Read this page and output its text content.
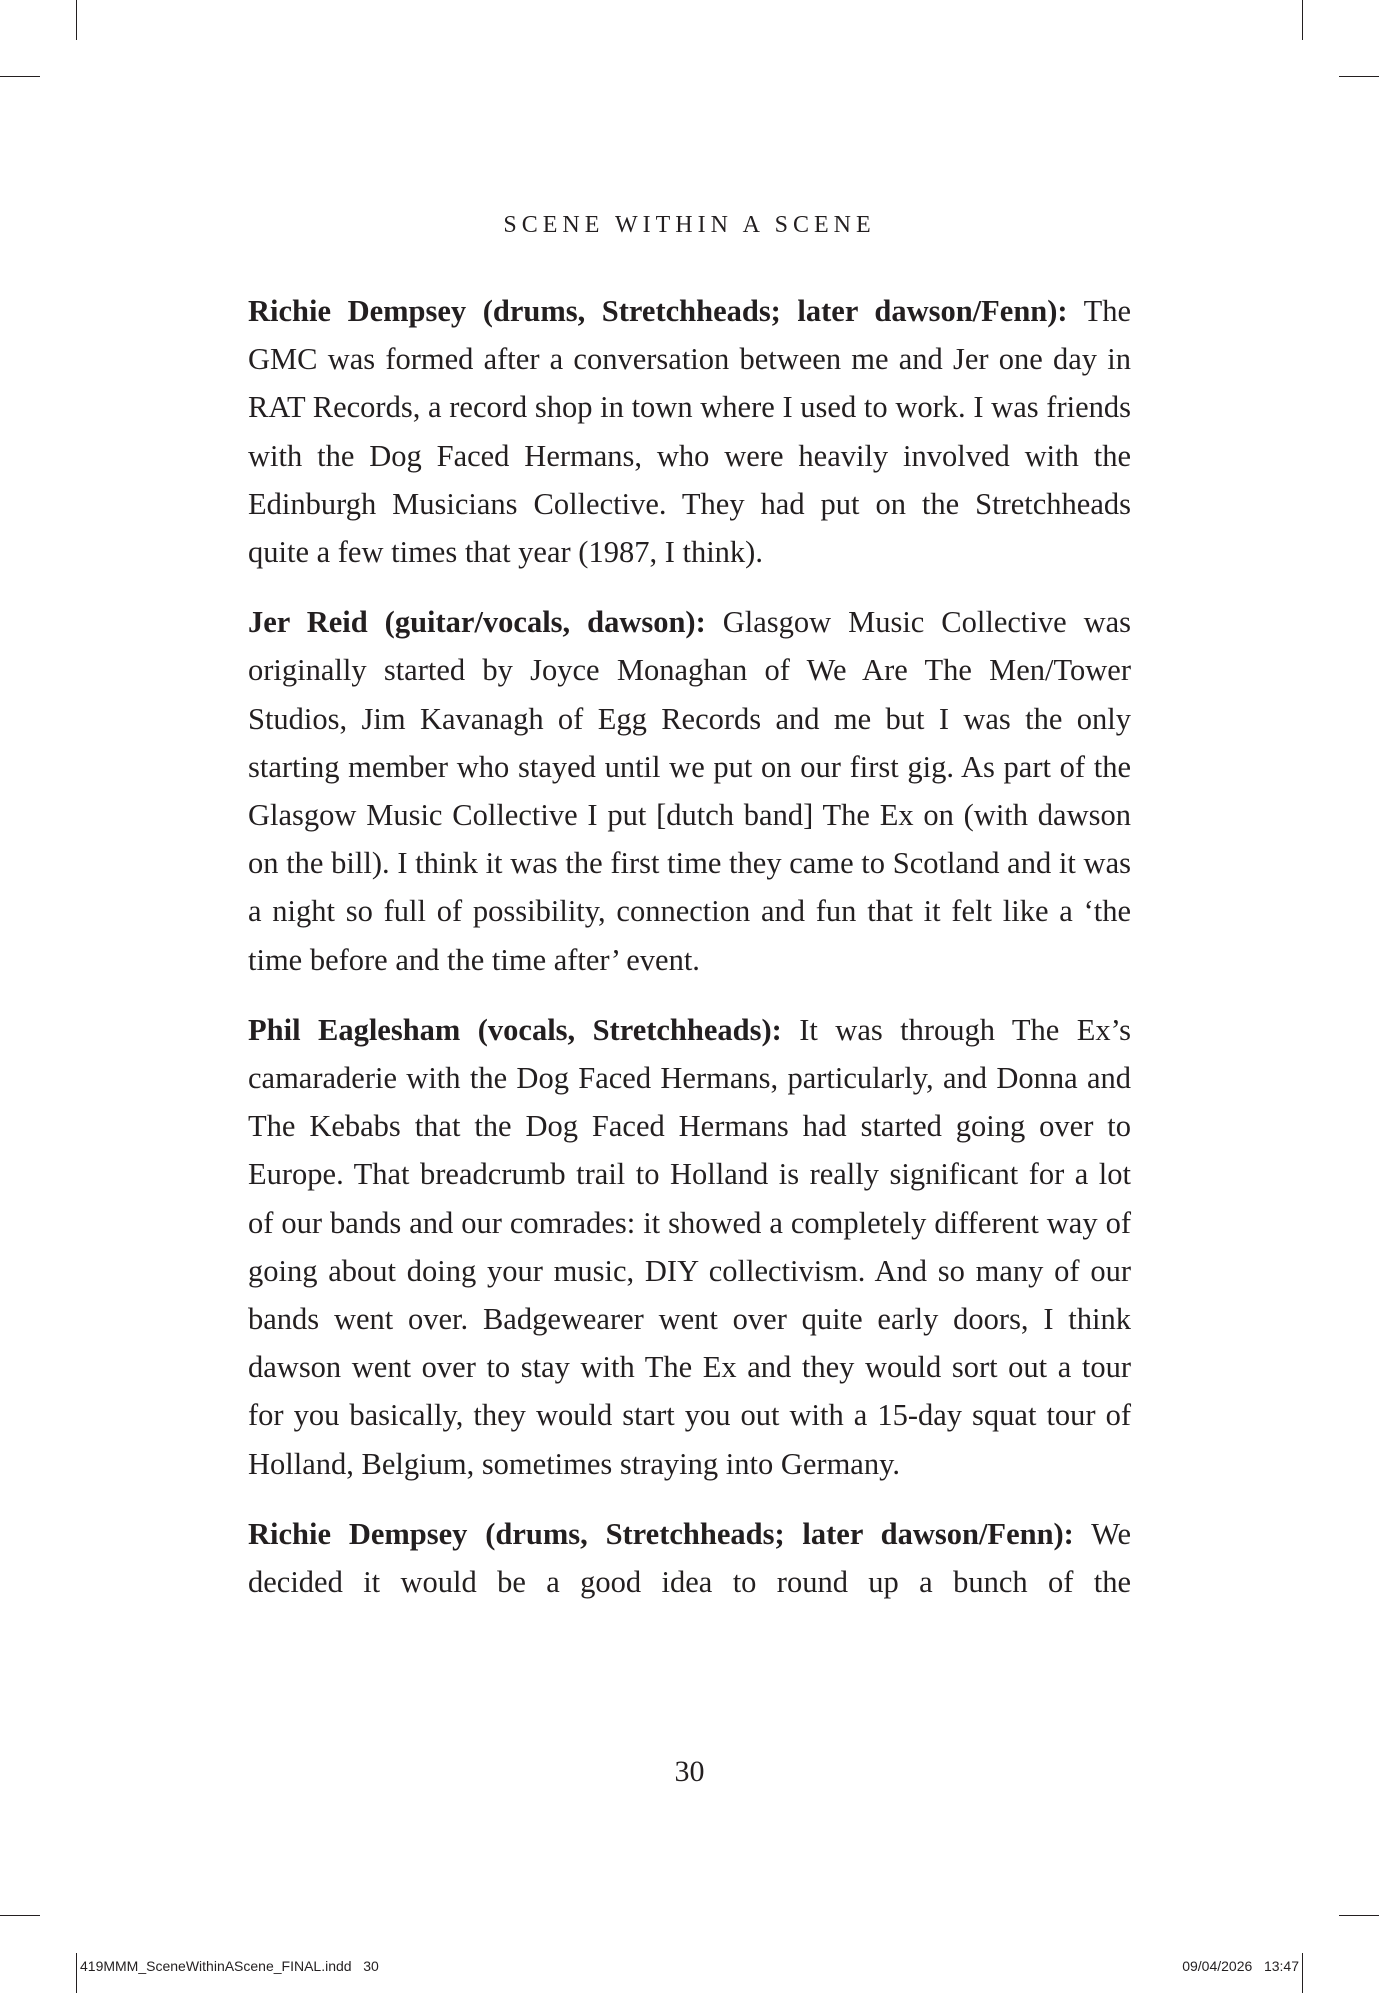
SCENE WITHIN A SCENE

Richie Dempsey (drums, Stretchheads; later dawson/Fenn): The GMC was formed after a conversation between me and Jer one day in RAT Records, a record shop in town where I used to work. I was friends with the Dog Faced Hermans, who were heavily involved with the Edinburgh Musicians Collective. They had put on the Stretchheads quite a few times that year (1987, I think).

Jer Reid (guitar/vocals, dawson): Glasgow Music Collective was originally started by Joyce Monaghan of We Are The Men/Tower Studios, Jim Kavanagh of Egg Records and me but I was the only starting member who stayed until we put on our first gig. As part of the Glasgow Music Collective I put [dutch band] The Ex on (with dawson on the bill). I think it was the first time they came to Scotland and it was a night so full of possibility, connection and fun that it felt like a ‘the time before and the time after’ event.

Phil Eaglesham (vocals, Stretchheads): It was through The Ex’s camaraderie with the Dog Faced Hermans, particularly, and Donna and The Kebabs that the Dog Faced Hermans had started going over to Europe. That breadcrumb trail to Holland is really significant for a lot of our bands and our comrades: it showed a completely different way of going about doing your music, DIY collectivism. And so many of our bands went over. Badgewearer went over quite early doors, I think dawson went over to stay with The Ex and they would sort out a tour for you basically, they would start you out with a 15-day squat tour of Holland, Belgium, sometimes straying into Germany.

Richie Dempsey (drums, Stretchheads; later dawson/Fenn): We decided it would be a good idea to round up a bunch of the

30
419MMM_SceneWithinAScene_FINAL.indd   30	09/04/2026   13:47
